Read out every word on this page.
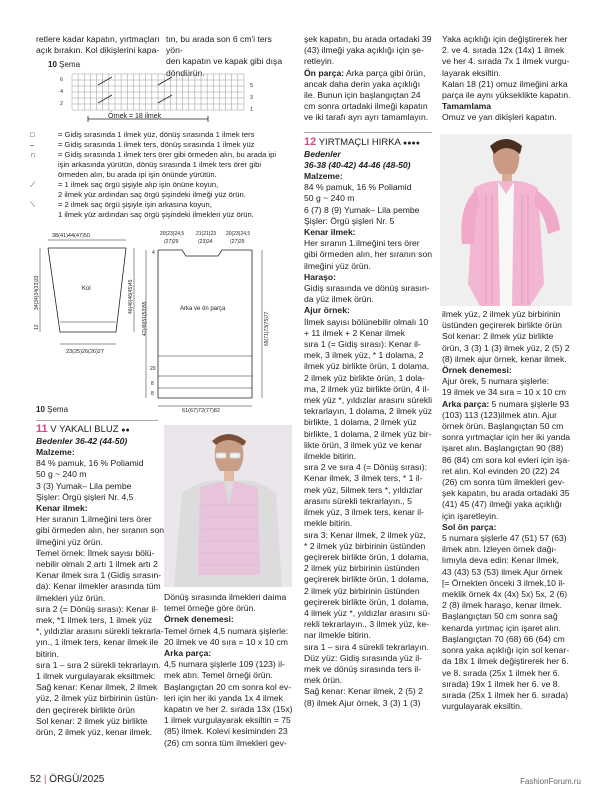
retlere kadar kapatın, yırtmaçları

açık bırakın. Kol dikişlerini kapa-

tın, bu arada son 6 cm'i ters yön-

den kapatın ve kapak gibi dışa

döndürün.

10 Şema
6
4
2
5
3
1
Örnek = 18 ilmek
□	= Gidiş sırasında 1 ilmek yüz, dönüş sırasında 1 ilmek ters
–	= Gidiş sırasında 1 ilmek ters, dönüş sırasında 1 ilmek yüz
∩	= Gidiş sırasında 1 ilmek ters örer gibi örmeden alın, bu arada ipi
işin arkasında yürütün, dönüş sırasında 1 ilmek ters örer gibi
örmeden alın, bu arada ipi işin önünde yürütün.
⟋	= 1 ilmek saç örgü şişiyle alıp işin önüne koyun,
2 ilmek yüz ardından saç örgü şişindeki ilmeği yüz örün.
⟍	= 2 ilmek saç örgü şişiyle işin arkasına koyun,
1 ilmek yüz ardından saç örgü şişindeki ilmekleri yüz örün.
38(41)44(47)50
Kol
34(34)34(33)33
12
46(46)46(45)45
23(25)26(26)27
20(23)24,5 21(21)23 20(23)24,5
(27)29	(23)24	(27)29
4
Arka ve ön parça
47(49)51(53)55
20
8
8
69(71)73(75)77
61(67)72(77)82
10 Şema
11 V YAKALI BLUZ ●●
Bedenler 36-42 (44-50)

Malzeme:

84 % pamuk, 16 % Poliamid

50 g ~ 240 m

3 (3) Yumak– Lila pembe

Şişler: Örgü şişleri Nr. 4,5

Kenar ilmek:

Her sıranın 1.ilmeğini ters örer

gibi örmeden alın, her sıranın son

ilmeğini yüz örün.

Temel örnek: İlmek sayısı bölü-

nebilir olmalı 2 artı 1 ilmek artı 2

Kenar ilmek sıra 1 (Gidiş sırasın-

da): Kenar ilmekler arasında tüm

ilmekleri yüz örün.

sıra 2 (= Dönüş sırası): Kenar il-

mek, *1 ilmek ters, 1 ilmek yüz

*, yıldızlar arasını sürekli tekrarla-

yın., 1 ilmek ters, kenar ilmek ile

bitirin.

sıra 1 – sıra 2 sürekli tekrarlayın.

1 ilmek vurgulayarak eksiltmek:

Sağ kenar: Kenar ilmek, 2 ilmek

yüz, 2 ilmek yüz birbirinin üstün-

den geçirerek birlikte örün

Sol kenar: 2 ilmek yüz birlikte

örün, 2 ilmek yüz, kenar ilmek.

Dönüş sırasında ilmekleri daima

temel örneğe göre örün.

Örnek denemesi:

Temel örnek 4,5 numara şişlerle:

20 ilmek ve 40 sıra = 10 x 10 cm

Arka parça:

4,5 numara şişlerle 109 (123) il-

mek atın. Temel örneği örün.

Başlangıçtan 20 cm sonra kol ev-

leri için her iki yanda 1x 4 ilmek

kapatın ve her 2. sırada 13x (15x)

1 ilmek vurgulayarak eksiltin = 75

(85) ilmek. Kolevi kesiminden 23

(26) cm sonra tüm ilmekleri gev-

şek kapatın, bu arada ortadaki 39

(43) ilmeği yaka açıklığı için şe-

retleyin.

Ön parça: Arka parça gibi örün,

ancak daha derin yaka açıklığı

ile. Bunun için başlangıçtan 24

cm sonra ortadaki ilmeği kapatın

ve iki tarafı ayrı ayrı tamamlayın.

Yaka açıklığı için değiştirerek her

2. ve 4. sırada 12x (14x) 1 ilmek

ve her 4. sırada 7x 1 ilmek vurgu-

layarak eksiltin.

Kalan 18 (21) omuz ilmeğini arka

parça ile aynı yükseklikte kapatın.

Tamamlama

Omuz ve yan dikişleri kapatın.

12 YIRTMAÇLI HIRKA ●●●●
Bedenler
36-38 (40-42) 44-46 (48-50)

Malzeme:

84 % pamuk, 16 % Poliamid

50 g ~ 240 m

6 (7) 8 (9) Yumak– Lila pembe

Şişler: Örgü şişleri Nr. 5

Kenar ilmek:

Her sıranın 1.ilmeğini ters örer

gibi örmeden alın, her sıranın son

ilmeğini yüz örün.

Haraşo:

Gidiş sırasında ve dönüş sırasın-

da yüz ilmek örün.

Ajur örnek:

İlmek sayısı bölünebilir olmalı 10

+ 11 ilmek + 2 Kenar ilmek

sıra 1 (= Gidiş sırası): Kenar il-

mek, 3 ilmek yüz, * 1 dolama, 2

ilmek yüz birlikte örün, 1 dolama,

2 ilmek yüz birlikte örün, 1 dola-

ma, 2 ilmek yüz birlikte örün, 4 il-

mek yüz *, yıldızlar arasını sürekli

tekrarlayın, 1 dolama, 2 ilmek yüz

birlikte, 1 dolama, 2 ilmek yüz

birlikte, 1 dolama, 2 ilmek yüz bir-

likte örün, 3 ilmek yüz ve kenar

ilmekle bitirin.

sıra 2 ve sıra 4 (= Dönüş sırası):

Kenar ilmek, 3 ilmek ters, * 1 il-

mek yüz, 5ilmek ters *, yıldızlar

arasını sürekli tekrarlayın., 5

ilmek yüz, 3 ilmek ters, kenar il-

mekle bitirin.

sıra 3: Kenar ilmek, 2 ilmek yüz,

* 2 ilmek yüz birbirinin üstünden

geçirerek birlikte örün, 1 dolama,

2 ilmek yüz birbirinin üstünden

geçirerek birlikte örün, 1 dolama,

2 ilmek yüz birbirinin üstünden

geçirerek birlikte örün, 1 dolama,

4 ilmek yüz *, yıldızlar arasını sü-

rekli tekrarlayın., 3 ilmek yüz, ke-

nar ilmekle bitirin.

sıra 1 – sıra 4 sürekli tekrarlayın.

Düz yüz: Gidiş sırasında yüz il-

mek ve dönüş sırasında ters il-

mek örün.

Sağ kenar: Kenar ilmek, 2 (5) 2

(8) ilmek Ajur örnek, 3 (3) 1 (3)

ilmek yüz, 2 ilmek yüz birbirinin

üstünden geçirerek birlikte örün

Sol kenar: 2 ilmek yüz birlikte

örün, 3 (3) 1 (3) ilmek yüz, 2 (5) 2

(8) ilmek ajur örnek, kenar ilmek.

Örnek denemesi:

Ajur örek, 5 numara şişlerle:

19 ilmek ve 34 sıra = 10 x 10 cm

Arka parça: 5 numara şişlerle 93

(103) 113 (123)ilmek atın. Ajur

örnek örün. Başlangıçtan 50 cm

sonra yırtmaçlar için her iki yanda

işaret alın. Başlangıçtan 90 (88)

86 (84) cm sora kol evleri için işa-

ret alın. Kol evinden 20 (22) 24

(26) cm sonra tüm ilmekleri gev-

şek kapatın, bu arada ortadaki 35

(41) 45 (47) ilmeği yaka açıklığı

için işaretleyin.

Sol ön parça:

5 numara şişlerle 47 (51) 57 (63)

ilmek atın. İzleyen örnek dağı-

lımıyla deva edin: Kenar ilmek,

43 (43) 53 (53) ilmek Ajur örnek

[= Örnekten önceki 3 ilmek,10 il-

meklik örnek 4x (4x) 5x) 5x, 2 (6)

2 (8) ilmek haraşo, kenar ilmek.

Başlangıçtan 50 cm sonra sağ

kenarda yırtmaç için işaret alın.

Başlangıçtan 70 (68) 66 (64) cm

sonra yaka açıklığı için sol kenar-

da 18x 1 ilmek değiştirerek her 6.

ve 8. sırada (25x 1 ilmek her 6.

sırada) 19x 1 ilmek her 6. ve 8.

sırada (25x 1 ilmek her 6. sırada)

vurgulayarak eksiltin.

52 | ÖRGÜ/2025	FashionForum.ru
